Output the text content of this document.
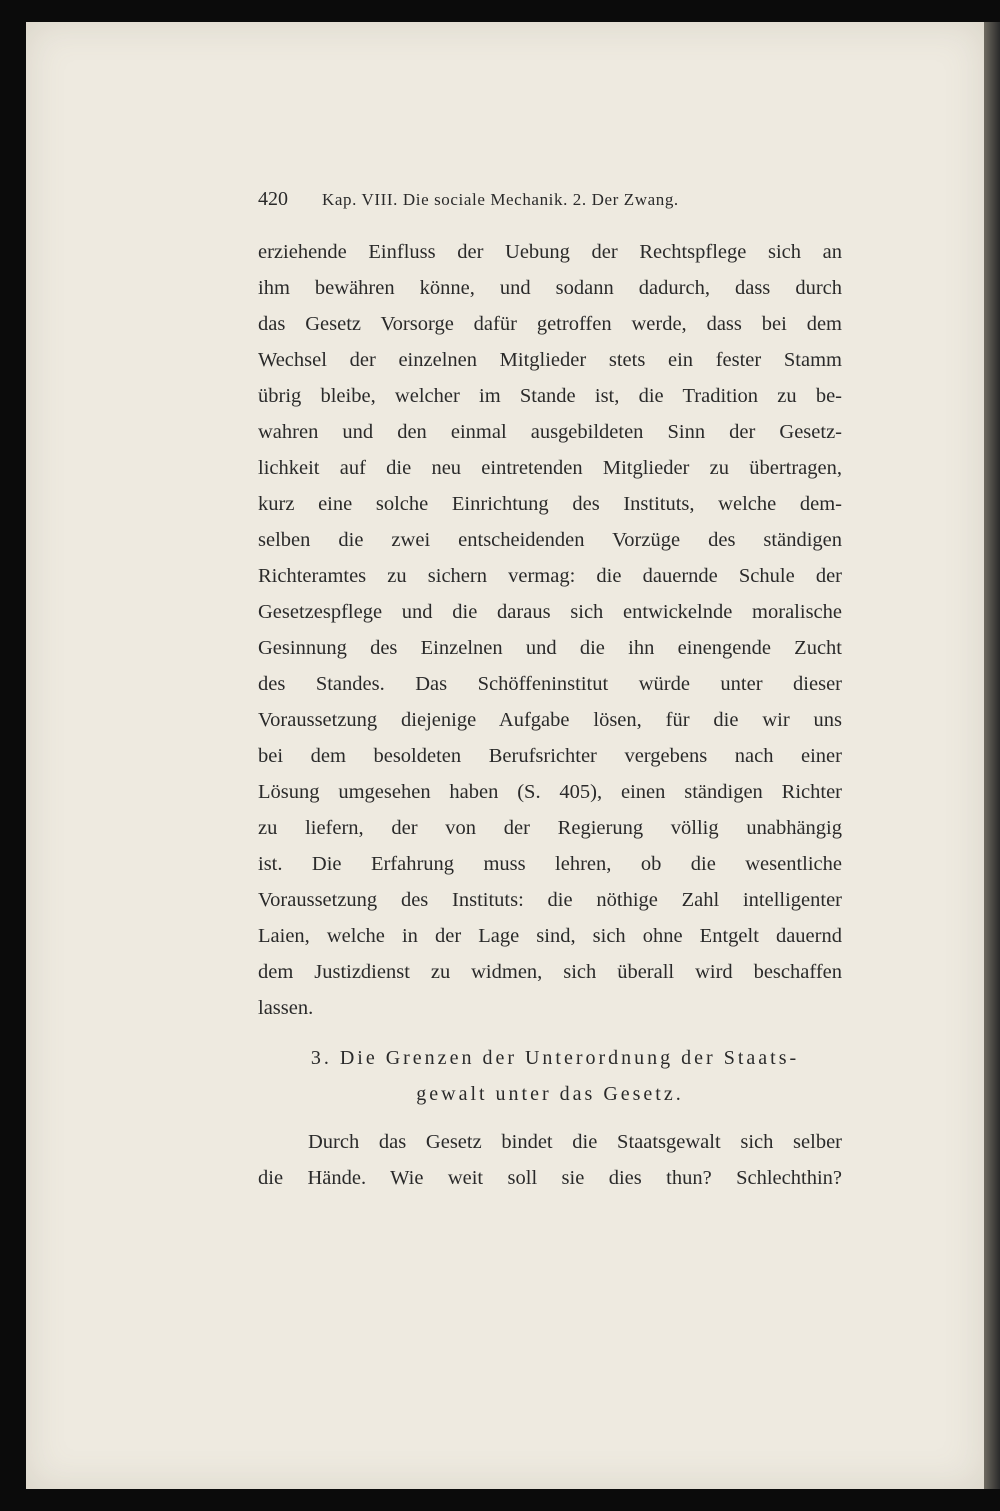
420	Kap. VIII. Die sociale Mechanik. 2. Der Zwang.
erziehende Einfluss der Uebung der Rechtspflege sich an
ihm bewähren könne, und sodann dadurch, dass durch
das Gesetz Vorsorge dafür getroffen werde, dass bei dem
Wechsel der einzelnen Mitglieder stets ein fester Stamm
übrig bleibe, welcher im Stande ist, die Tradition zu be-
wahren und den einmal ausgebildeten Sinn der Gesetz-
lichkeit auf die neu eintretenden Mitglieder zu übertragen,
kurz eine solche Einrichtung des Instituts, welche dem-
selben die zwei entscheidenden Vorzüge des ständigen
Richteramtes zu sichern vermag: die dauernde Schule der
Gesetzespflege und die daraus sich entwickelnde moralische
Gesinnung des Einzelnen und die ihn einengende Zucht
des Standes. Das Schöffeninstitut würde unter dieser
Voraussetzung diejenige Aufgabe lösen, für die wir uns
bei dem besoldeten Berufsrichter vergebens nach einer
Lösung umgesehen haben (S. 405), einen ständigen Richter
zu liefern, der von der Regierung völlig unabhängig
ist. Die Erfahrung muss lehren, ob die wesentliche
Voraussetzung des Instituts: die nöthige Zahl intelligenter
Laien, welche in der Lage sind, sich ohne Entgelt dauernd
dem Justizdienst zu widmen, sich überall wird beschaffen
lassen.
3. Die Grenzen der Unterordnung der Staats-
gewalt unter das Gesetz.
Durch das Gesetz bindet die Staatsgewalt sich selber
die Hände. Wie weit soll sie dies thun? Schlechthin?
